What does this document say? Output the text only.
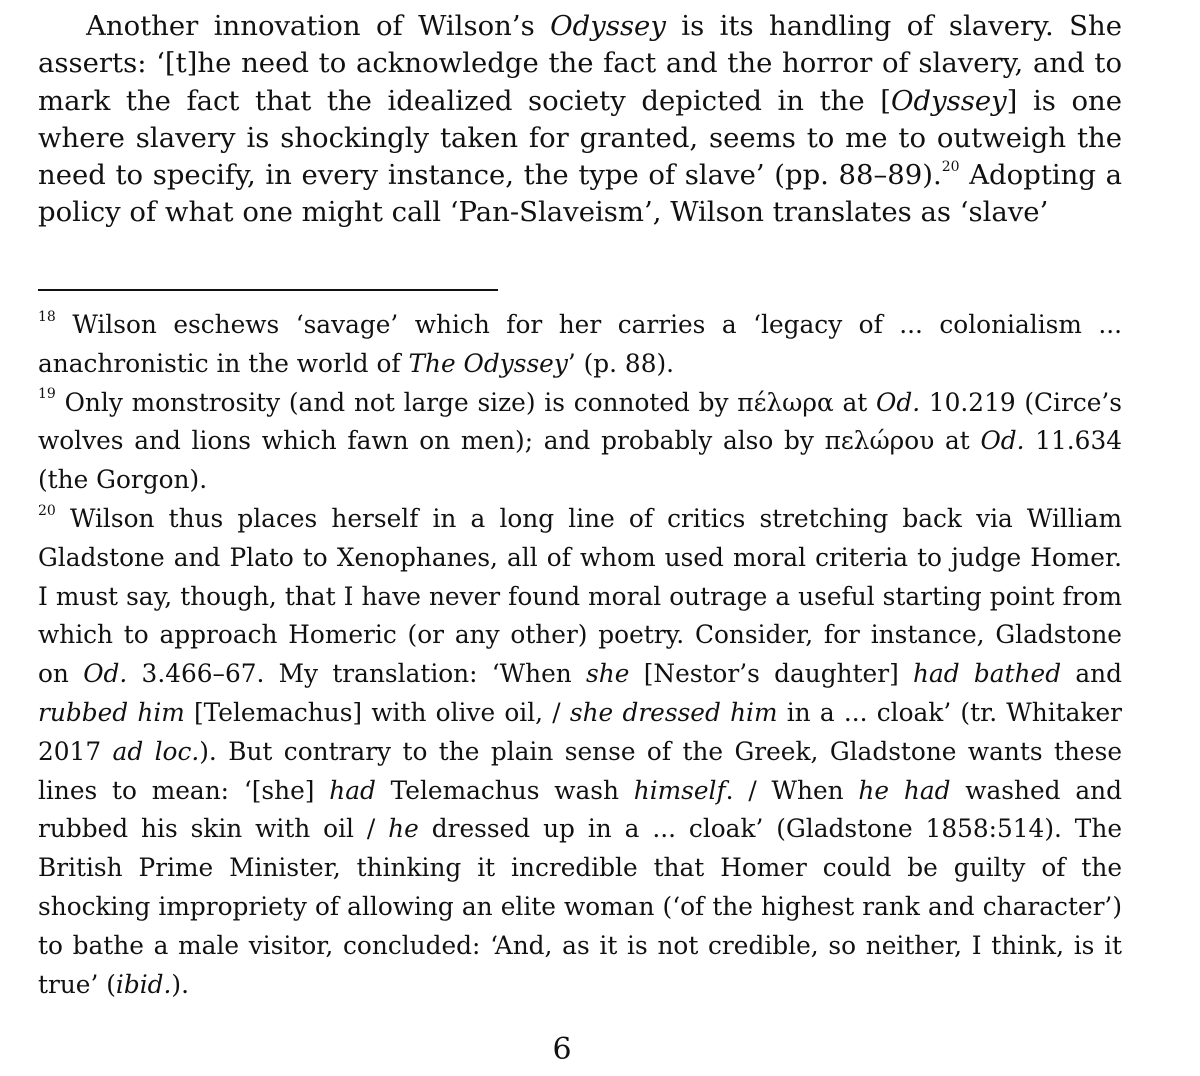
Another innovation of Wilson’s Odyssey is its handling of slavery. She asserts: ‘[t]he need to acknowledge the fact and the horror of slavery, and to mark the fact that the idealized society depicted in the [Odyssey] is one where slavery is shockingly taken for granted, seems to me to outweigh the need to specify, in every instance, the type of slave’ (pp. 88–89).$^{20}$ Adopting a policy of what one might call ‘Pan-Slaveism’, Wilson translates as ‘slave’

$^{18}$ Wilson eschews ‘savage’ which for her carries a ‘legacy of ... colonialism ... anachronistic in the world of The Odyssey’ (p. 88).

$^{19}$ Only monstrosity (and not large size) is connoted by πέλωρα at Od. 10.219 (Circe’s wolves and lions which fawn on men); and probably also by πελώρου at Od. 11.634 (the Gorgon).

$^{20}$ Wilson thus places herself in a long line of critics stretching back via William Gladstone and Plato to Xenophanes, all of whom used moral criteria to judge Homer. I must say, though, that I have never found moral outrage a useful starting point from which to approach Homeric (or any other) poetry. Consider, for instance, Gladstone on Od. 3.466–67. My translation: ‘When she [Nestor’s daughter] had bathed and rubbed him [Telemachus] with olive oil, / she dressed him in a ... cloak’ (tr. Whitaker 2017 ad loc.). But contrary to the plain sense of the Greek, Gladstone wants these lines to mean: ‘[she] had Telemachus wash himself. / When he had washed and rubbed his skin with oil / he dressed up in a ... cloak’ (Gladstone 1858:514). The British Prime Minister, thinking it incredible that Homer could be guilty of the shocking impropriety of allowing an elite woman (‘of the highest rank and character’) to bathe a male visitor, concluded: ‘And, as it is not credible, so neither, I think, is it true’ (ibid.).

6
